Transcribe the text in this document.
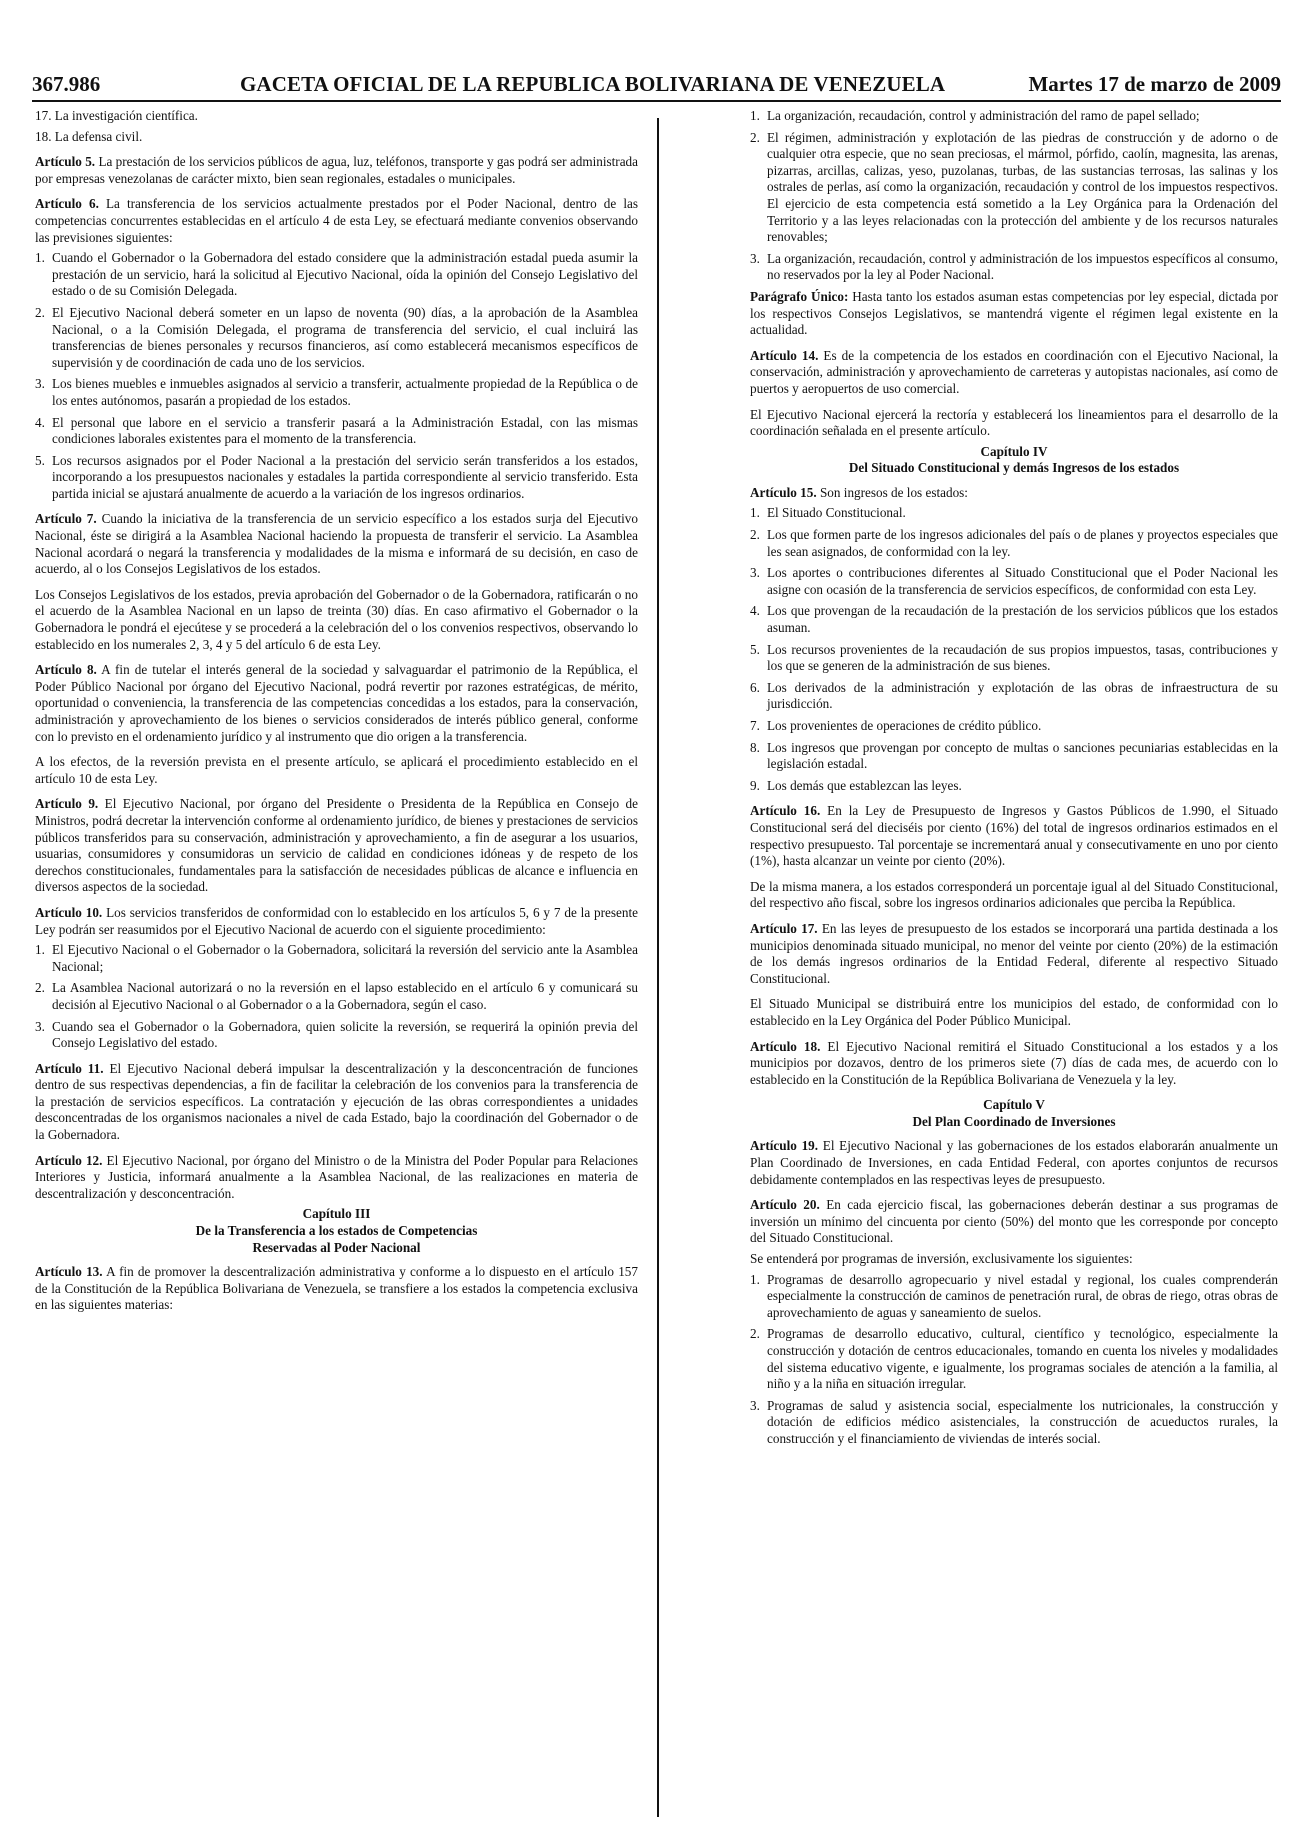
367.986	GACETA OFICIAL DE LA REPUBLICA BOLIVARIANA DE VENEZUELA	Martes 17 de marzo de 2009

17. La investigación científica.

18. La defensa civil.

Artículo 5. La prestación de los servicios públicos de agua, luz, teléfonos, transporte y gas podrá ser administrada por empresas venezolanas de carácter mixto, bien sean regionales, estadales o municipales.

Artículo 6. La transferencia de los servicios actualmente prestados por el Poder Nacional, dentro de las competencias concurrentes establecidas en el artículo 4 de esta Ley, se efectuará mediante convenios observando las previsiones siguientes:

1. Cuando el Gobernador o la Gobernadora del estado considere que la administración estadal pueda asumir la prestación de un servicio, hará la solicitud al Ejecutivo Nacional, oída la opinión del Consejo Legislativo del estado o de su Comisión Delegada.
2. El Ejecutivo Nacional deberá someter en un lapso de noventa (90) días, a la aprobación de la Asamblea Nacional, o a la Comisión Delegada, el programa de transferencia del servicio, el cual incluirá las transferencias de bienes personales y recursos financieros, así como establecerá mecanismos específicos de supervisión y de coordinación de cada uno de los servicios.
3. Los bienes muebles e inmuebles asignados al servicio a transferir, actualmente propiedad de la República o de los entes autónomos, pasarán a propiedad de los estados.
4. El personal que labore en el servicio a transferir pasará a la Administración Estadal, con las mismas condiciones laborales existentes para el momento de la transferencia.
5. Los recursos asignados por el Poder Nacional a la prestación del servicio serán transferidos a los estados, incorporando a los presupuestos nacionales y estadales la partida correspondiente al servicio transferido. Esta partida inicial se ajustará anualmente de acuerdo a la variación de los ingresos ordinarios.

Artículo 7. Cuando la iniciativa de la transferencia de un servicio específico a los estados surja del Ejecutivo Nacional, éste se dirigirá a la Asamblea Nacional haciendo la propuesta de transferir el servicio. La Asamblea Nacional acordará o negará la transferencia y modalidades de la misma e informará de su decisión, en caso de acuerdo, al o los Consejos Legislativos de los estados.

Los Consejos Legislativos de los estados, previa aprobación del Gobernador o de la Gobernadora, ratificarán o no el acuerdo de la Asamblea Nacional en un lapso de treinta (30) días. En caso afirmativo el Gobernador o la Gobernadora le pondrá el ejecútese y se procederá a la celebración del o los convenios respectivos, observando lo establecido en los numerales 2, 3, 4 y 5 del artículo 6 de esta Ley.

Artículo 8. A fin de tutelar el interés general de la sociedad y salvaguardar el patrimonio de la República, el Poder Público Nacional por órgano del Ejecutivo Nacional, podrá revertir por razones estratégicas, de mérito, oportunidad o conveniencia, la transferencia de las competencias concedidas a los estados, para la conservación, administración y aprovechamiento de los bienes o servicios considerados de interés público general, conforme con lo previsto en el ordenamiento jurídico y al instrumento que dio origen a la transferencia.

A los efectos, de la reversión prevista en el presente artículo, se aplicará el procedimiento establecido en el artículo 10 de esta Ley.

Artículo 9. El Ejecutivo Nacional, por órgano del Presidente o Presidenta de la República en Consejo de Ministros, podrá decretar la intervención conforme al ordenamiento jurídico, de bienes y prestaciones de servicios públicos transferidos para su conservación, administración y aprovechamiento, a fin de asegurar a los usuarios, usuarias, consumidores y consumidoras un servicio de calidad en condiciones idóneas y de respeto de los derechos constitucionales, fundamentales para la satisfacción de necesidades públicas de alcance e influencia en diversos aspectos de la sociedad.

Artículo 10. Los servicios transferidos de conformidad con lo establecido en los artículos 5, 6 y 7 de la presente Ley podrán ser reasumidos por el Ejecutivo Nacional de acuerdo con el siguiente procedimiento:

1. El Ejecutivo Nacional o el Gobernador o la Gobernadora, solicitará la reversión del servicio ante la Asamblea Nacional;
2. La Asamblea Nacional autorizará o no la reversión en el lapso establecido en el artículo 6 y comunicará su decisión al Ejecutivo Nacional o al Gobernador o a la Gobernadora, según el caso.
3. Cuando sea el Gobernador o la Gobernadora, quien solicite la reversión, se requerirá la opinión previa del Consejo Legislativo del estado.

Artículo 11. El Ejecutivo Nacional deberá impulsar la descentralización y la desconcentración de funciones dentro de sus respectivas dependencias, a fin de facilitar la celebración de los convenios para la transferencia de la prestación de servicios específicos. La contratación y ejecución de las obras correspondientes a unidades desconcentradas de los organismos nacionales a nivel de cada Estado, bajo la coordinación del Gobernador o de la Gobernadora.

Artículo 12. El Ejecutivo Nacional, por órgano del Ministro o de la Ministra del Poder Popular para Relaciones Interiores y Justicia, informará anualmente a la Asamblea Nacional, de las realizaciones en materia de descentralización y desconcentración.

Capítulo III
De la Transferencia a los estados de Competencias
Reservadas al Poder Nacional

Artículo 13. A fin de promover la descentralización administrativa y conforme a lo dispuesto en el artículo 157 de la Constitución de la República Bolivariana de Venezuela, se transfiere a los estados la competencia exclusiva en las siguientes materias:

1. La organización, recaudación, control y administración del ramo de papel sellado;
2. El régimen, administración y explotación de las piedras de construcción y de adorno o de cualquier otra especie, que no sean preciosas, el mármol, pórfido, caolín, magnesita, las arenas, pizarras, arcillas, calizas, yeso, puzolanas, turbas, de las sustancias terrosas, las salinas y los ostrales de perlas, así como la organización, recaudación y control de los impuestos respectivos. El ejercicio de esta competencia está sometido a la Ley Orgánica para la Ordenación del Territorio y a las leyes relacionadas con la protección del ambiente y de los recursos naturales renovables;
3. La organización, recaudación, control y administración de los impuestos específicos al consumo, no reservados por la ley al Poder Nacional.

Parágrafo Único: Hasta tanto los estados asuman estas competencias por ley especial, dictada por los respectivos Consejos Legislativos, se mantendrá vigente el régimen legal existente en la actualidad.

Artículo 14. Es de la competencia de los estados en coordinación con el Ejecutivo Nacional, la conservación, administración y aprovechamiento de carreteras y autopistas nacionales, así como de puertos y aeropuertos de uso comercial.

El Ejecutivo Nacional ejercerá la rectoría y establecerá los lineamientos para el desarrollo de la coordinación señalada en el presente artículo.

Capítulo IV
Del Situado Constitucional y demás Ingresos de los estados

Artículo 15. Son ingresos de los estados:

1. El Situado Constitucional.
2. Los que formen parte de los ingresos adicionales del país o de planes y proyectos especiales que les sean asignados, de conformidad con la ley.
3. Los aportes o contribuciones diferentes al Situado Constitucional que el Poder Nacional les asigne con ocasión de la transferencia de servicios específicos, de conformidad con esta Ley.
4. Los que provengan de la recaudación de la prestación de los servicios públicos que los estados asuman.
5. Los recursos provenientes de la recaudación de sus propios impuestos, tasas, contribuciones y los que se generen de la administración de sus bienes.
6. Los derivados de la administración y explotación de las obras de infraestructura de su jurisdicción.
7. Los provenientes de operaciones de crédito público.
8. Los ingresos que provengan por concepto de multas o sanciones pecuniarias establecidas en la legislación estadal.
9. Los demás que establezcan las leyes.

Artículo 16. En la Ley de Presupuesto de Ingresos y Gastos Públicos de 1.990, el Situado Constitucional será del dieciséis por ciento (16%) del total de ingresos ordinarios estimados en el respectivo presupuesto. Tal porcentaje se incrementará anual y consecutivamente en uno por ciento (1%), hasta alcanzar un veinte por ciento (20%).

De la misma manera, a los estados corresponderá un porcentaje igual al del Situado Constitucional, del respectivo año fiscal, sobre los ingresos ordinarios adicionales que perciba la República.

Artículo 17. En las leyes de presupuesto de los estados se incorporará una partida destinada a los municipios denominada situado municipal, no menor del veinte por ciento (20%) de la estimación de los demás ingresos ordinarios de la Entidad Federal, diferente al respectivo Situado Constitucional.

El Situado Municipal se distribuirá entre los municipios del estado, de conformidad con lo establecido en la Ley Orgánica del Poder Público Municipal.

Artículo 18. El Ejecutivo Nacional remitirá el Situado Constitucional a los estados y a los municipios por dozavos, dentro de los primeros siete (7) días de cada mes, de acuerdo con lo establecido en la Constitución de la República Bolivariana de Venezuela y la ley.

Capítulo V
Del Plan Coordinado de Inversiones

Artículo 19. El Ejecutivo Nacional y las gobernaciones de los estados elaborarán anualmente un Plan Coordinado de Inversiones, en cada Entidad Federal, con aportes conjuntos de recursos debidamente contemplados en las respectivas leyes de presupuesto.

Artículo 20. En cada ejercicio fiscal, las gobernaciones deberán destinar a sus programas de inversión un mínimo del cincuenta por ciento (50%) del monto que les corresponde por concepto del Situado Constitucional.

Se entenderá por programas de inversión, exclusivamente los siguientes:

1. Programas de desarrollo agropecuario y nivel estadal y regional, los cuales comprenderán especialmente la construcción de caminos de penetración rural, de obras de riego, otras obras de aprovechamiento de aguas y saneamiento de suelos.
2. Programas de desarrollo educativo, cultural, científico y tecnológico, especialmente la construcción y dotación de centros educacionales, tomando en cuenta los niveles y modalidades del sistema educativo vigente, e igualmente, los programas sociales de atención a la familia, al niño y a la niña en situación irregular.
3. Programas de salud y asistencia social, especialmente los nutricionales, la construcción y dotación de edificios médico asistenciales, la construcción de acueductos rurales, la construcción y el financiamiento de viviendas de interés social.
